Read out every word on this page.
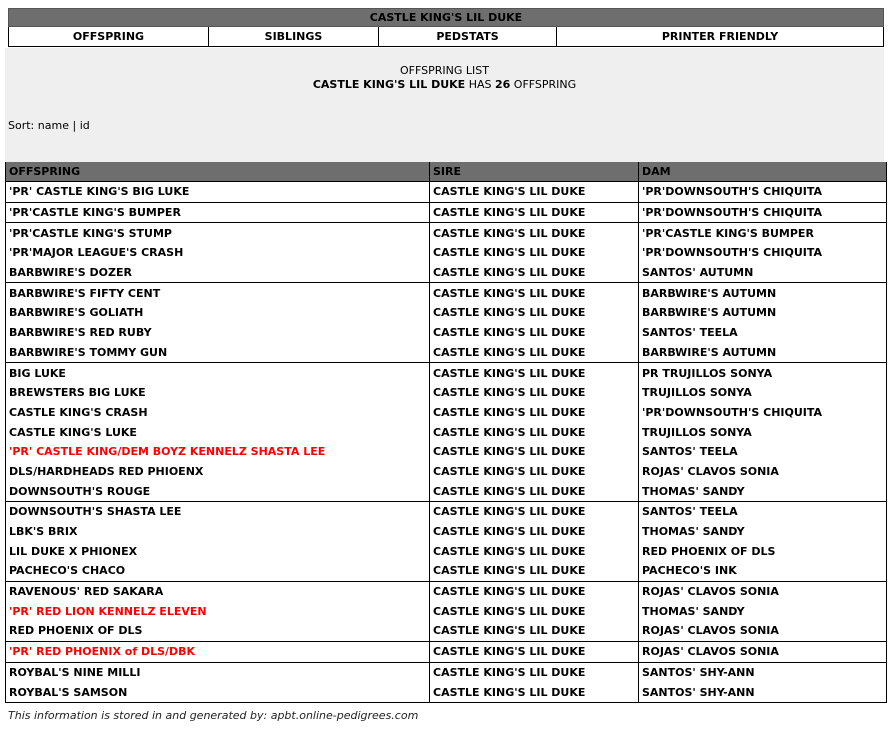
CASTLE KING'S LIL DUKE
OFFSPRING	SIBLINGS	PEDSTATS	PRINTER FRIENDLY
OFFSPRING LIST
CASTLE KING'S LIL DUKE HAS 26 OFFSPRING
Sort: name | id
OFFSPRING	SIRE	DAM
'PR' CASTLE KING'S BIG LUKE	CASTLE KING'S LIL DUKE	'PR'DOWNSOUTH'S CHIQUITA
'PR'CASTLE KING'S BUMPER	CASTLE KING'S LIL DUKE	'PR'DOWNSOUTH'S CHIQUITA
'PR'CASTLE KING'S STUMP	CASTLE KING'S LIL DUKE	'PR'CASTLE KING'S BUMPER
'PR'MAJOR LEAGUE'S CRASH	CASTLE KING'S LIL DUKE	'PR'DOWNSOUTH'S CHIQUITA
BARBWIRE'S DOZER	CASTLE KING'S LIL DUKE	SANTOS' AUTUMN
BARBWIRE'S FIFTY CENT	CASTLE KING'S LIL DUKE	BARBWIRE'S AUTUMN
BARBWIRE'S GOLIATH	CASTLE KING'S LIL DUKE	BARBWIRE'S AUTUMN
BARBWIRE'S RED RUBY	CASTLE KING'S LIL DUKE	SANTOS' TEELA
BARBWIRE'S TOMMY GUN	CASTLE KING'S LIL DUKE	BARBWIRE'S AUTUMN
BIG LUKE	CASTLE KING'S LIL DUKE	PR TRUJILLOS SONYA
BREWSTERS BIG LUKE	CASTLE KING'S LIL DUKE	TRUJILLOS SONYA
CASTLE KING'S CRASH	CASTLE KING'S LIL DUKE	'PR'DOWNSOUTH'S CHIQUITA
CASTLE KING'S LUKE	CASTLE KING'S LIL DUKE	TRUJILLOS SONYA
'PR' CASTLE KING/DEM BOYZ KENNELZ SHASTA LEE	CASTLE KING'S LIL DUKE	SANTOS' TEELA
DLS/HARDHEADS RED PHIOENX	CASTLE KING'S LIL DUKE	ROJAS' CLAVOS SONIA
DOWNSOUTH'S ROUGE	CASTLE KING'S LIL DUKE	THOMAS' SANDY
DOWNSOUTH'S SHASTA LEE	CASTLE KING'S LIL DUKE	SANTOS' TEELA
LBK'S BRIX	CASTLE KING'S LIL DUKE	THOMAS' SANDY
LIL DUKE X PHIONEX	CASTLE KING'S LIL DUKE	RED PHOENIX OF DLS
PACHECO'S CHACO	CASTLE KING'S LIL DUKE	PACHECO'S INK
RAVENOUS' RED SAKARA	CASTLE KING'S LIL DUKE	ROJAS' CLAVOS SONIA
'PR' RED LION KENNELZ ELEVEN	CASTLE KING'S LIL DUKE	THOMAS' SANDY
RED PHOENIX OF DLS	CASTLE KING'S LIL DUKE	ROJAS' CLAVOS SONIA
'PR' RED PHOENIX of DLS/DBK	CASTLE KING'S LIL DUKE	ROJAS' CLAVOS SONIA
ROYBAL'S NINE MILLI	CASTLE KING'S LIL DUKE	SANTOS' SHY-ANN
ROYBAL'S SAMSON	CASTLE KING'S LIL DUKE	SANTOS' SHY-ANN
This information is stored in and generated by: apbt.online-pedigrees.com
